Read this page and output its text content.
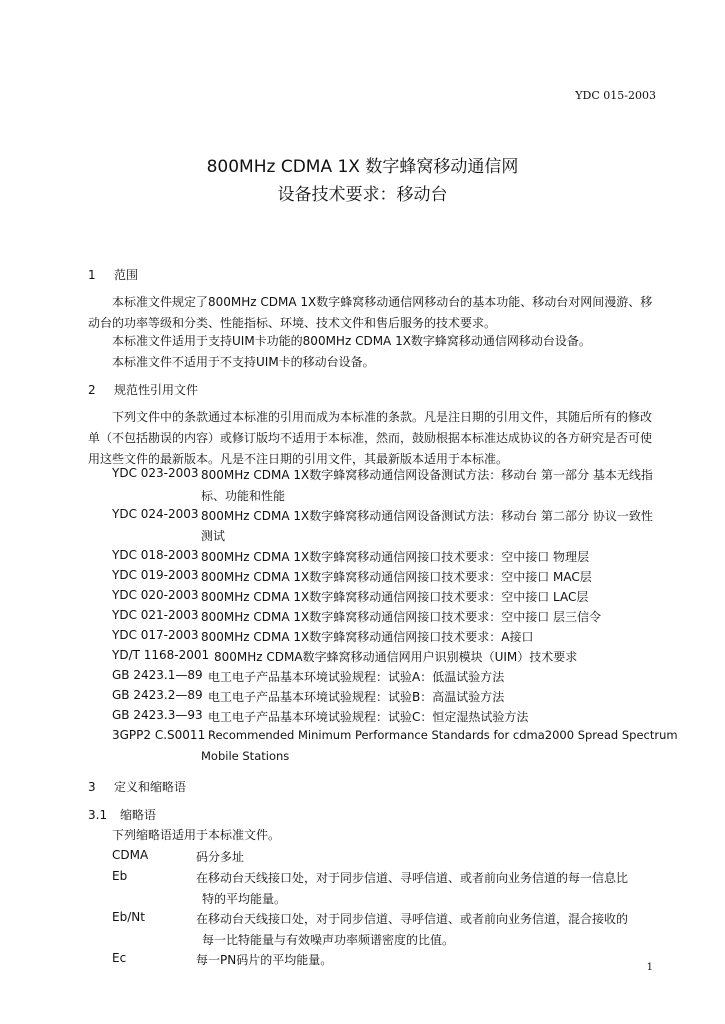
YDC 015-2003
800MHz CDMA 1X 数字蜂窝移动通信网
设备技术要求：移动台
1 范围
本标准文件规定了800MHz CDMA 1X数字蜂窝移动通信网移动台的基本功能、移动台对网间漫游、移动台的功率等级和分类、性能指标、环境、技术文件和售后服务的技术要求。
本标准文件适用于支持UIM卡功能的800MHz CDMA 1X数字蜂窝移动通信网移动台设备。
本标准文件不适用于不支持UIM卡的移动台设备。
2 规范性引用文件
下列文件中的条款通过本标准的引用而成为本标准的条款。凡是注日期的引用文件，其随后所有的修改单（不包括勘误的内容）或修订版均不适用于本标准，然而，鼓励根据本标准达成协议的各方研究是否可使用这些文件的最新版本。凡是不注日期的引用文件，其最新版本适用于本标准。
YDC 023-2003 800MHz CDMA 1X数字蜂窝移动通信网设备测试方法：移动台 第一部分 基本无线指
标、功能和性能
YDC 024-2003 800MHz CDMA 1X数字蜂窝移动通信网设备测试方法：移动台 第二部分 协议一致性
测试
YDC 018-2003 800MHz CDMA 1X数字蜂窝移动通信网接口技术要求：空中接口 物理层
YDC 019-2003 800MHz CDMA 1X数字蜂窝移动通信网接口技术要求：空中接口 MAC层
YDC 020-2003 800MHz CDMA 1X数字蜂窝移动通信网接口技术要求：空中接口 LAC层
YDC 021-2003 800MHz CDMA 1X数字蜂窝移动通信网接口技术要求：空中接口 层三信令
YDC 017-2003 800MHz CDMA 1X数字蜂窝移动通信网接口技术要求：A接口
YD/T 1168-2001 800MHz CDMA数字蜂窝移动通信网用户识别模块（UIM）技术要求
GB 2423.1—89 电工电子产品基本环境试验规程：试验A：低温试验方法
GB 2423.2—89 电工电子产品基本环境试验规程：试验B：高温试验方法
GB 2423.3—93 电工电子产品基本环境试验规程：试验C：恒定湿热试验方法
3GPP2 C.S0011 Recommended Minimum Performance Standards for cdma2000 Spread Spectrum
Mobile Stations
3 定义和缩略语
3.1 缩略语
下列缩略语适用于本标准文件。
CDMA	码分多址
Eb	在移动台天线接口处，对于同步信道、寻呼信道、或者前向业务信道的每一信息比
特的平均能量。
Eb/Nt	在移动台天线接口处，对于同步信道、寻呼信道、或者前向业务信道，混合接收的
每一比特能量与有效噪声功率频谱密度的比值。
Ec	每一PN码片的平均能量。
1
